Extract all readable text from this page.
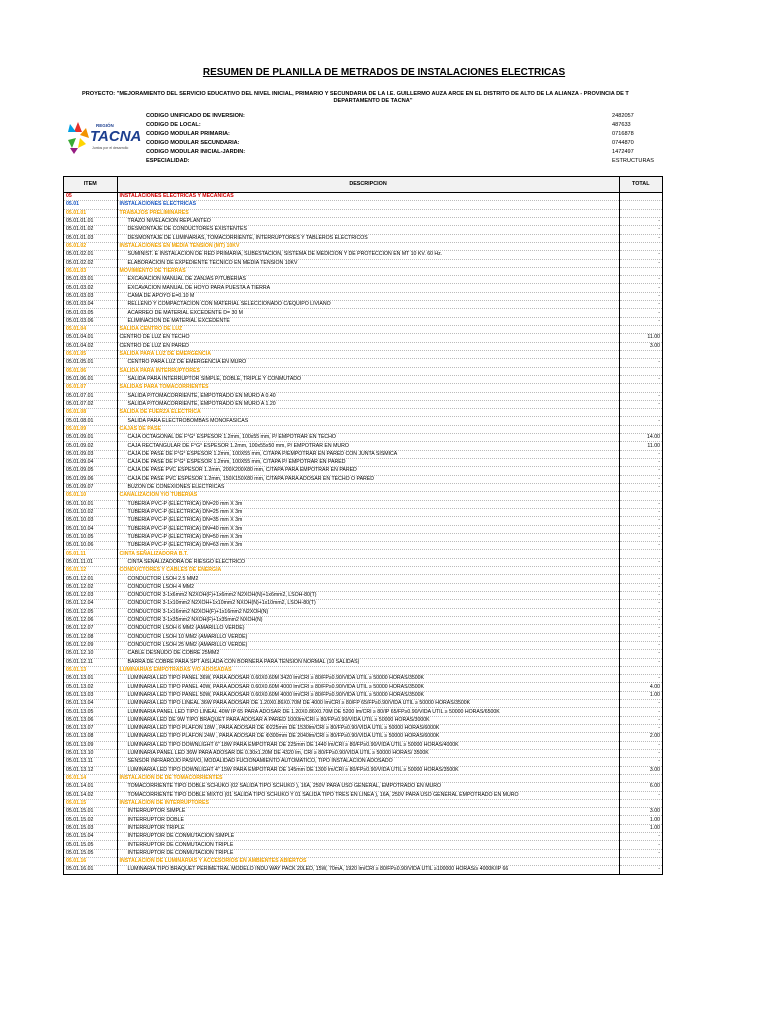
RESUMEN DE PLANILLA DE METRADOS DE INSTALACIONES ELECTRICAS
PROYECTO: "MEJORAMIENTO DEL SERVICIO EDUCATIVO DEL NIVEL INICIAL, PRIMARIO Y SECUNDARIA DE LA I.E. GUILLERMO AUZA ARCE EN EL DISTRITO DE ALTO DE LA ALIANZA - PROVINCIA DE T
DEPARTAMENTO DE TACNA"
REGIÓN
TACNA
Juntos por el desarrollo
CODIGO UNIFICADO DE INVERSION:
CODIGO DE LOCAL:
CODIGO MODULAR PRIMARIA:
CODIGO MODULAR SECUNDARIA:
CODIGO MODULAR INICIAL-JARDIN:
ESPECIALIDAD:
2482057
487633
0716878
0744870
1472497
ESTRUCTURAS
ITEM	DESCRIPCION	TOTAL
05	INSTALACIONES ELECTRICAS Y MECANICAS	
05.01	INSTALACIONES ELECTRICAS	
05.01.01	TRABAJOS PRELIMINARES	
05.01.01.01	TRAZO NIVELACION REPLANTEO	-
05.01.01.02	DESMONTAJE DE CONDUCTORES EXISTENTES	-
05.01.01.03	DESMONTAJE DE LUMINARIAS, TOMACORRIENTE, INTERRUPTORES Y TABLEROS ELECTRICOS	-
05.01.02	INSTALACIONES EN MEDIA TENSION (MT) 10KV	
05.01.02.01	SUMINIST. E INSTALACION DE RED PRIMARIA, SUBESTACION, SISTEMA DE MEDICION Y DE PROTECCION EN MT 10 KV. 60 Hz.	-
05.01.02.02	ELABORACION DE EXPEDIENTE TECNICO EN MEDIA TENSION 10KV	-
05.01.03	MOVIMIENTO DE TIERRAS	
05.01.03.01	EXCAVACION MANUAL DE ZANJAS P/TUBERIAS	-
05.01.03.02	EXCAVACION MANUAL DE HOYO PARA PUESTA A TIERRA	-
05.01.03.03	CAMA DE APOYO E=0.10 M	-
05.01.03.04	RELLENO Y COMPACTACION CON MATERIAL SELECCIONADO C/EQUIPO LIVIANO	-
05.01.03.05	ACARREO DE MATERIAL EXCEDENTE D= 30 M	-
05.01.03.06	ELIMINACION DE MATERIAL EXCEDENTE	-
05.01.04	SALIDA CENTRO DE LUZ	
05.01.04.01	CENTRO DE LUZ EN TECHO	11.00
05.01.04.02	CENTRO DE LUZ EN PARED	3.00
05.01.05	SALIDA PARA LUZ DE EMERGENCIA	
05.01.05.01	CENTRO PARA LUZ DE EMERGENCIA EN MURO	-
05.01.06	SALIDA PARA INTERRUPTORES	
05.01.06.01	SALIDA PARA INTERRUPTOR SIMPLE, DOBLE, TRIPLE Y CONMUTADO	-
05.01.07	SALIDAS PARA TOMACORRIENTES	
05.01.07.01	SALIDA P/TOMACORRIENTE, EMPOTRADO EN MURO A 0.40	-
05.01.07.02	SALIDA P/TOMACORRIENTE, EMPOTRADO EN MURO A 1.20	-
05.01.08	SALIDA DE FUERZA ELECTRICA	
05.01.08.01	SALIDA PARA ELECTROBOMBAS MONOFASICAS	-
05.01.09	CAJAS DE PASE	
05.01.09.01	CAJA OCTAGONAL DE F°G° ESPESOR 1.2mm, 100x55 mm, P/ EMPOTRAR EN TECHO	14.00
05.01.09.02	CAJA RECTANGULAR DE F°G° ESPESOR 1.2mm, 100x55x50 mm, P/ EMPOTRAR EN MURO	11.00
05.01.09.03	CAJA DE PASE DE F°G° ESPESOR 1.2mm, 100X55 mm, C/TAPA P/EMPOTRAR EN PARED CON JUNTA SISMICA	-
05.01.09.04	CAJA DE PASE DE F°G° ESPESOR 1.2mm, 100X55 mm, C/TAPA P/ EMPOTRAR EN PARED	-
05.01.09.05	CAJA DE PASE PVC ESPESOR 1.2mm, 200X200X80 mm, C/TAPA PARA EMPOTRAR EN PARED	-
05.01.09.06	CAJA DE PASE PVC ESPESOR 1.2mm, 150X150X80 mm, C/TAPA PARA ADOSAR EN TECHO O PARED	-
05.01.09.07	BUZON DE CONEXIONES ELECTRICAS	-
05.01.10	CANALIZACION Y/O TUBERIAS	
05.01.10.01	TUBERIA PVC-P (ELECTRICA) DN=20 mm X 3m	-
05.01.10.02	TUBERIA PVC-P (ELECTRICA) DN=25 mm X 3m	-
05.01.10.03	TUBERIA PVC-P (ELECTRICA) DN=35 mm X 3m	-
05.01.10.04	TUBERIA PVC-P (ELECTRICA) DN=40 mm X 3m	-
05.01.10.05	TUBERIA PVC-P (ELECTRICA) DN=50 mm X 3m	-
05.01.10.06	TUBERIA PVC-P (ELECTRICA) DN=63 mm X 3m	-
05.01.11	CINTA SEÑALIZADORA B.T.	
05.01.11.01	CINTA SEÑALIZADORA DE RIESGO ELECTRICO	-
05.01.12	CONDUCTORES Y CABLES DE ENERGIA	
05.01.12.01	CONDUCTOR LSOH 2.5 MM2	-
05.01.12.02	CONDUCTOR LSOH 4 MM2	-
05.01.12.03	CONDUCTOR 3-1x6mm2 N2XOH(F)+1x6mm2 N2XOH(N)+1x6mm2, LSOH-80(T)	-
05.01.12.04	CONDUCTOR 3-1x10mm2 N2XOH+1x10mm2 NXOH(N)+1x10mm2, LSOH-80(T)	-
05.01.12.05	CONDUCTOR 3-1x16mm2 N2XOH(F)+1x16mm2 N2XOH(N)	-
05.01.12.06	CONDUCTOR 3-1x35mm2 NXOH(F)+1x35mm2 NXOH(N)	-
05.01.12.07	CONDUCTOR LSOH 6 MM2 (AMARILLO VERDE)	-
05.01.12.08	CONDUCTOR LSOH 10 MM2 (AMARILLO VERDE)	-
05.01.12.09	CONDUCTOR LSOH 25 MM2 (AMARILLO VERDE)	-
05.01.12.10	CABLE DESNUDO DE COBRE 25MM2	-
05.01.12.11	BARRA DE COBRE PARA SPT AISLADA CON BORNERA PARA TENSION NORMAL (10 SALIDAS)	-
05.01.13	LUMINARIAS EMPOTRADAS Y/O ADOSADAS	
05.01.13.01	LUMINARIA LED TIPO PANEL 36W, PARA ADOSAR 0.60X0.60M 3420 lm/CRI ≥ 80/FP≥0.90/VIDA UTIL ≥ 50000 HORAS/3500K	-
05.01.13.02	LUMINARIA LED TIPO PANEL 40W, PARA ADOSAR 0.60X0.60M 4000 lm/CRI ≥ 80/FP≥0.90/VIDA UTIL ≥ 50000 HORAS/3500K	4.00
05.01.13.03	LUMINARIA LED TIPO PANEL 50W, PARA ADOSAR 0.60X0.60M 4000 lm/CRI ≥ 80/FP≥0.90/VIDA UTIL ≥ 50000 HORAS/3500K	1.00
05.01.13.04	LUMINARIA LED TIPO LINEAL 36W PARA ADOSAR DE 1.20X0.86X0.70M DE 4000 lm/CRI ≥ 80/FP 65/FP≥0.90/VIDA UTIL ≥ 50000 HORAS/3500K	-
05.01.13.05	LUMINARIA PANEL LED TIPO LINEAL 40W IP 65 PARA ADOSAR DE 1.20X0.86X0.70M DE 5200 lm/CRI ≥ 80/IP 65/FP≥0.90/VIDA UTIL ≥ 50000 HORAS/6500K	-
05.01.13.06	LUMINARIA LED DE 9W TIPO BRAQUET PARA ADOSAR A PARED 1000lm/CRI ≥ 80/FP≥0.90/VIDA UTIL ≥ 50000 HORAS/3000K	-
05.01.13.07	LUMINARIA LED TIPO PLAFON 18W , PARA ADOSAR DE Φ225mm DE 1530lm/CRI ≥ 80/FP≥0.90/VIDA UTIL ≥ 50000 HORAS/6000K	-
05.01.13.08	LUMINARIA LED TIPO PLAFON 24W , PARA ADOSAR DE Φ300mm DE 2040lm/CRI ≥ 80/FP≥0.90/VIDA UTIL ≥ 50000 HORAS/6000K	2.00
05.01.13.09	LUMINARIA LED TIPO DOWNLIGHT 6" 18W PARA EMPOTRAR DE 225mm DE 1440 lm/CRI ≥ 80/FP≥0.90/VIDA UTIL ≥ 50000 HORAS/4000K	-
05.01.13.10	LUMINARIA PANEL LED 36W PARA ADOSAR DE 0.30x1.20M DE 4320 lm, CRI ≥ 80/FP≥0.90/VIDA UTIL ≥ 50000 HORAS/ 3500K	-
05.01.13.11	SENSOR INFRAROJO PASIVO, MODALIDAD FUCIONAMIENTO AUTOMATICO, TIPO INSTALACION ADOSADO	-
05.01.13.12	LUMINARIA LED TIPO DOWNLIGHT 4" 15W PARA EMPOTRAR DE 145mm DE 1300 lm/CRI ≥ 80/FP≥0.90/VIDA UTIL ≥ 50000 HORAS/3500K	3.00
05.01.14	INSTALACION DE DE TOMACORRIENTES	
05.01.14.01	TOMACORRIENTE TIPO DOBLE SCHUKO (02 SALIDA TIPO SCHUKO ), 16A, 250V PARA USO GENERAL, EMPOTRADO EN MURO	6.00
05.01.14.02	TOMACORRIENTE TIPO DOBLE MIXTO (01 SALIDA TIPO SCHUKO Y 01 SALIDA TIPO TRES EN LINEA ), 16A, 250V PARA USO GENERAL EMPOTRADO EN MURO	-
05.01.15	INSTALACION DE INTERRUPTORES	
05.01.15.01	INTERRUPTOR SIMPLE	3.00
05.01.15.02	INTERRUPTOR DOBLE	1.00
05.01.15.03	INTERRUPTOR TRIPLE	1.00
05.01.15.04	INTERRUPTOR DE CONMUTACION SIMPLE	-
05.01.15.05	INTERRUPTOR DE CONMUTACION TRIPLE	-
05.01.15.05	INTERRUPTOR DE CONMUTACION TRIPLE	-
05.01.16	INSTALACION DE LUMINARIAS Y ACCESORIOS EN AMBIENTES ABIERTOS	
05.01.16.01	LUMINARIA TIPO BRAQUET PERIMETRAL MODELO INDU WAY PACK 20LED, 15W, 70mA, 1920 lm/CRI ≥ 80/FP≥0.90/VIDA UTIL ≥100000 HORAS/≥ 4000K/IP 66	-
